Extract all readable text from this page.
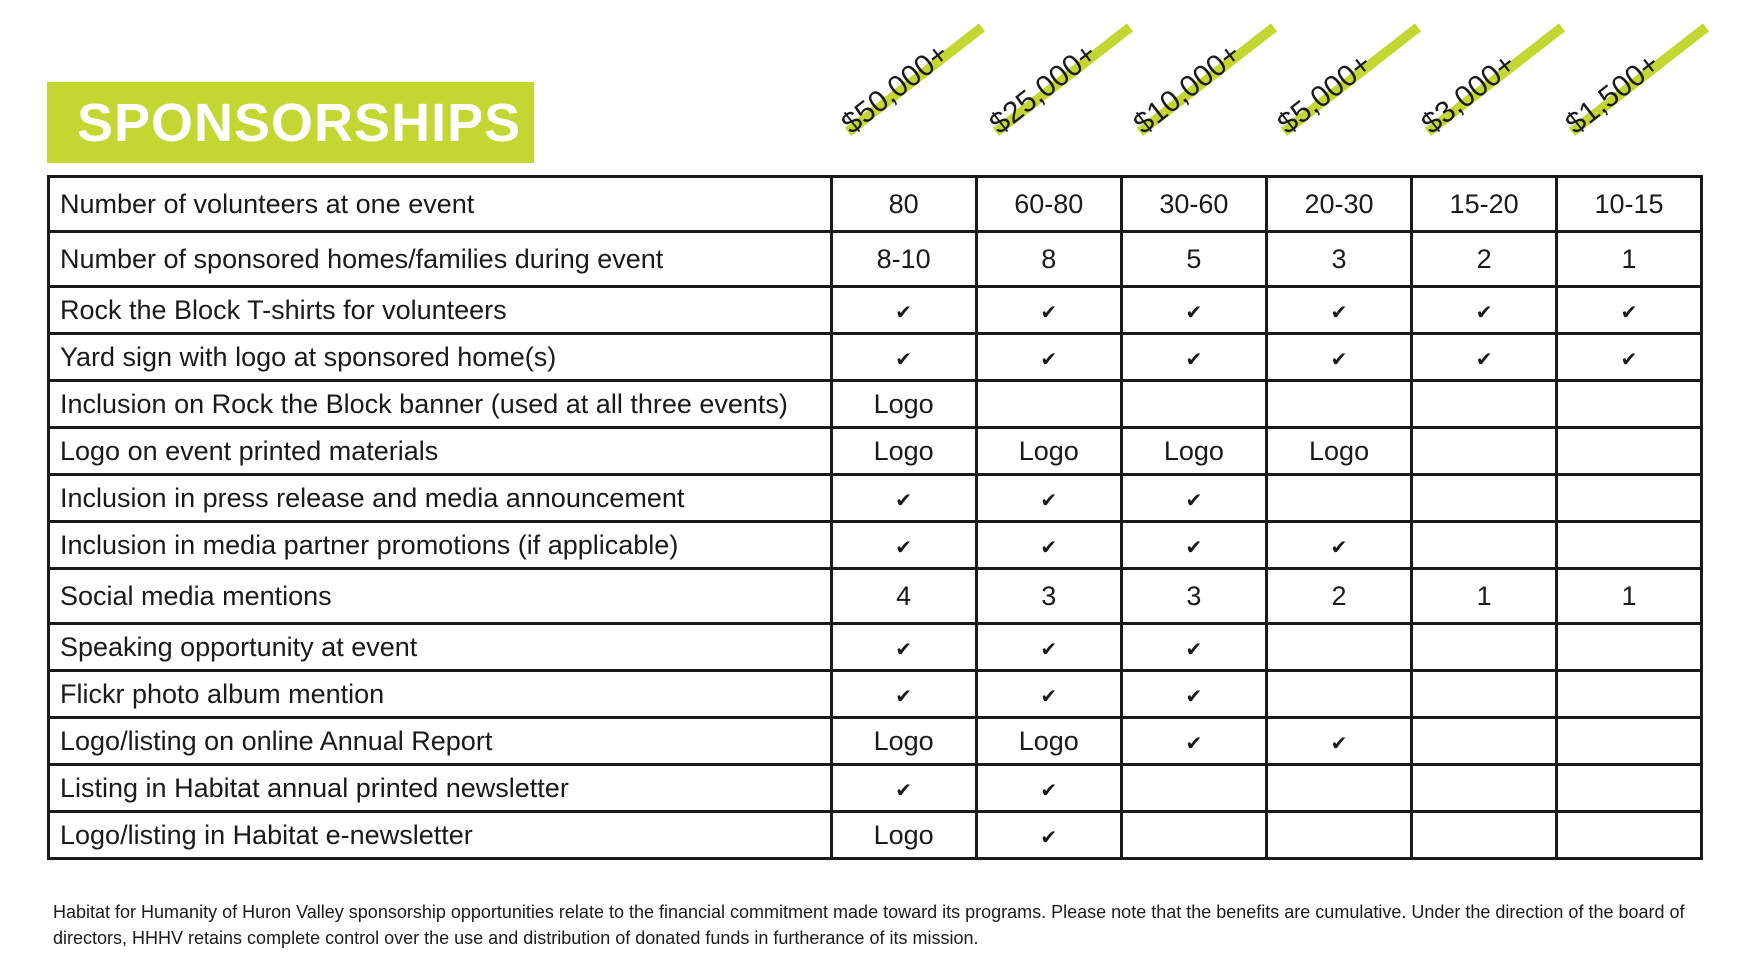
SPONSORSHIPS	$50,000+ $25,000+ $10,000+ $5,000+ $3,000+ $1,500+
Number of volunteers at one event	80	60-80	30-60	20-30	15-20	10-15
Number of sponsored homes/families during event	8-10	8	5	3	2	1
Rock the Block T-shirts for volunteers	✔	✔	✔	✔	✔	✔
Yard sign with logo at sponsored home(s)	✔	✔	✔	✔	✔	✔
Inclusion on Rock the Block banner (used at all three events)	Logo					
Logo on event printed materials	Logo	Logo	Logo	Logo		
Inclusion in press release and media announcement	✔	✔	✔			
Inclusion in media partner promotions (if applicable)	✔	✔	✔	✔		
Social media mentions	4	3	3	2	1	1
Speaking opportunity at event	✔	✔	✔			
Flickr photo album mention	✔	✔	✔			
Logo/listing on online Annual Report	Logo	Logo	✔	✔		
Listing in Habitat annual printed newsletter	✔	✔				
Logo/listing in Habitat e-newsletter	Logo	✔				
Habitat for Humanity of Huron Valley sponsorship opportunities relate to the financial commitment made toward its programs. Please note that the benefits are cumulative. Under the direction of the board of directors, HHHV retains complete control over the use and distribution of donated funds in furtherance of its mission.
